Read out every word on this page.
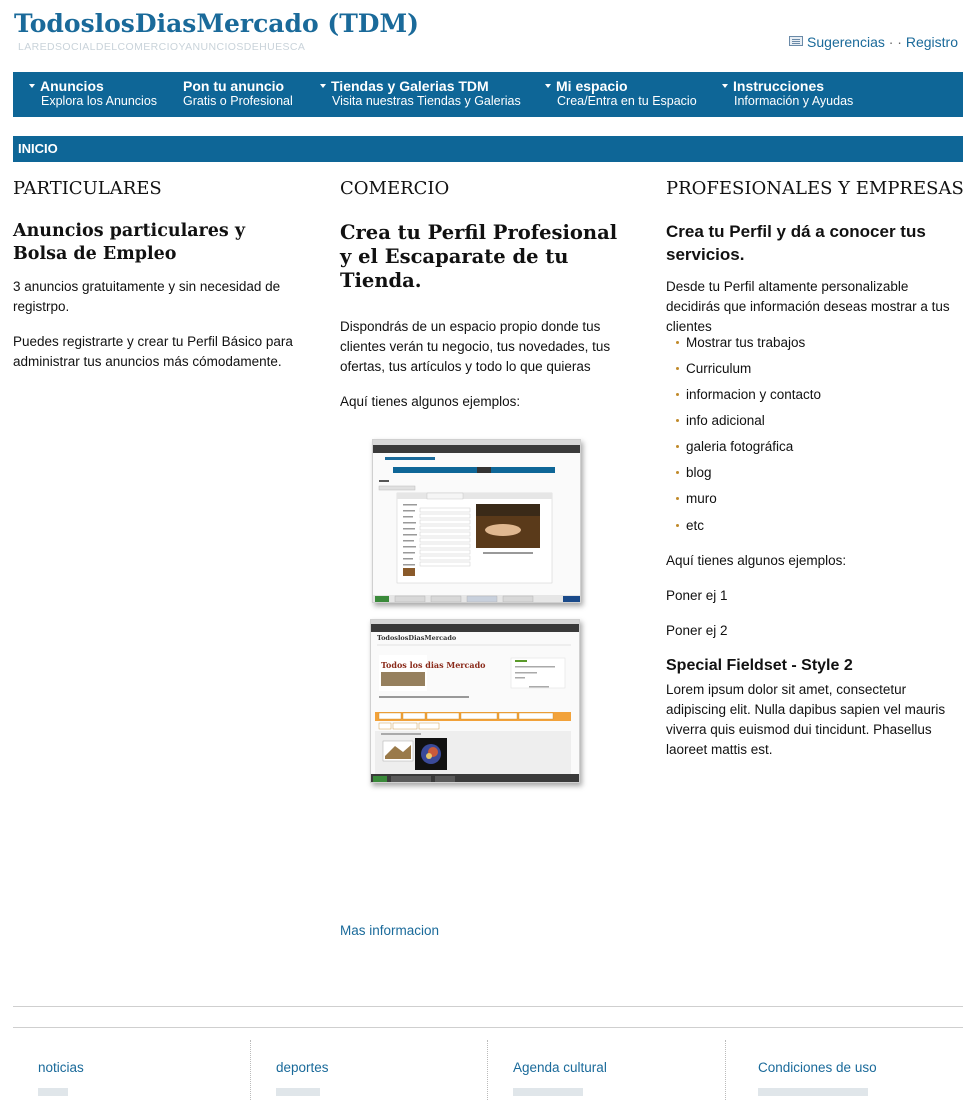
TodoslosDiasMercado (TDM)
LAREDSOCIALDELCOMERCIOYANUNCIOSDEHUESCA	Sugerencias · · Registro
Anuncios
Explora los Anuncios
Pon tu anuncio
Gratis o Profesional
Tiendas y Galerias TDM
Visita nuestras Tiendas y Galerias
Mi espacio
Crea/Entra en tu Espacio
Instrucciones
Información y Ayudas
INICIO
PARTICULARES
Anuncios particulares y Bolsa de Empleo

3 anuncios gratuitamente y sin necesidad de registrpo.

Puedes registrarte y crear tu Perfil Básico para administrar tus anuncios más cómodamente.

COMERCIO
Crea tu Perfil Profesional y el Escaparate de tu Tienda.

Dispondrás de un espacio propio donde tus clientes verán tu negocio, tus novedades, tus ofertas, tus artículos y todo lo que quieras

Aquí tienes algunos ejemplos:

TodoslosDiasMercado
Todos los dias Mercado
Mas informacion
PROFESIONALES Y EMPRESAS
Crea tu Perfil y dá a conocer tus servicios.

Desde tu Perfil altamente personalizable decidirás que información deseas mostrar a tus clientes

Mostrar tus trabajos
Curriculum
informacion y contacto
info adicional
galeria fotográfica
blog
muro
etc

Aquí tienes algunos ejemplos:

Poner ej 1

Poner ej 2

Special Fieldset - Style 2

Lorem ipsum dolor sit amet, consectetur adipiscing elit. Nulla dapibus sapien vel mauris viverra quis euismod dui tincidunt. Phasellus laoreet mattis est.

noticias	deportes	Agenda cultural	Condiciones de uso
